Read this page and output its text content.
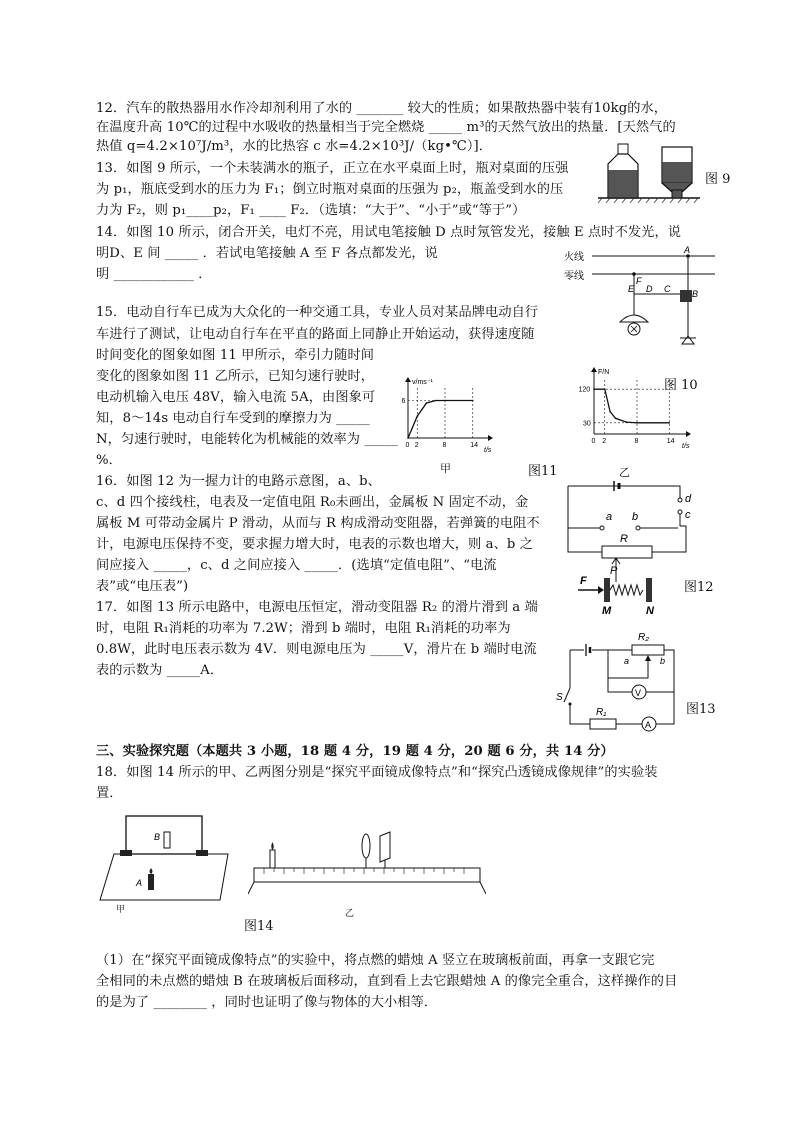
12．汽车的散热器用水作冷却剂利用了水的 _______ 较大的性质；如果散热器中装有10kg的水，
在温度升高 10℃的过程中水吸收的热量相当于完全燃烧 _____ m³的天然气放出的热量．[天然气的
热值 q=4.2×10⁷J/m³，水的比热容 c 水=4.2×10³J/（kg•℃）]．
13．如图 9 所示，一个未装满水的瓶子，正立在水平桌面上时，瓶对桌面的压强
为 p₁，瓶底受到水的压力为 F₁；倒立时瓶对桌面的压强为 p₂，瓶盖受到水的压
力为 F₂，则 p₁____p₂，F₁ ____ F₂．（选填：“大于”、“小于”或“等于”）
图 9
14．如图 10 所示，闭合开关，电灯不亮，用试电笔接触 D 点时氖管发光，接触 E 点时不发光，说
明D、E 间 _____ ．若试电笔接触 A 至 F 各点都发光，说
明 ____________ ．
火线
零线
A
F
E D C B
图 10
15．电动自行车已成为大众化的一种交通工具，专业人员对某品牌电动自行
车进行了测试，让电动自行车在平直的路面上同静止开始运动，获得速度随
时间变化的图象如图 11 甲所示，牵引力随时间
变化的图象如图 11 乙所示，已知匀速行驶时，
电动机输入电压 48V，输入电流 5A，由图象可
知，8～14s 电动自行车受到的摩擦力为 _____
N，匀速行驶时，电能转化为机械能的效率为 _____
%．
v/ms⁻¹
t/s
0 2	8	14
6
甲
F/N
t/s
0 2	8	14
30
120
乙
图11
16．如图 12 为一握力计的电路示意图，a、b、
c、d 四个接线柱，电表及一定值电阻 R₀未画出，金属板 N 固定不动，金
属板 M 可带动金属片 P 滑动，从而与 R 构成滑动变阻器，若弹簧的电阻不
计，电源电压保持不变，要求握力增大时，电表的示数也增大，则 a、b 之
间应接入 _____，c、d 之间应接入 _____．(选填“定值电阻”、“电流
表”或“电压表”)
d
c
a b
R
P
F
M	N
图12
17．如图 13 所示电路中，电源电压恒定，滑动变阻器 R₂ 的滑片滑到 a 端
时，电阻 R₁消耗的功率为 7.2W；滑到 b 端时，电阻 R₁消耗的功率为
0.8W，此时电压表示数为 4V．则电源电压为 _____V，滑片在 b 端时电流
表的示数为 _____A．
R₂
a	b
V
S
R₁
A
图13
三、实验探究题（本题共 3 小题，18 题 4 分，19 题 4 分，20 题 6 分，共 14 分）
18．如图 14 所示的甲、乙两图分别是“探究平面镜成像特点”和“探究凸透镜成像规律”的实验装
置．
B
A
甲	乙
图14
（1）在“探究平面镜成像特点”的实验中，将点燃的蜡烛 A 竖立在玻璃板前面，再拿一支跟它完
全相同的未点燃的蜡烛 B 在玻璃板后面移动，直到看上去它跟蜡烛 A 的像完全重合，这样操作的目
的是为了 ________ ，同时也证明了像与物体的大小相等．
